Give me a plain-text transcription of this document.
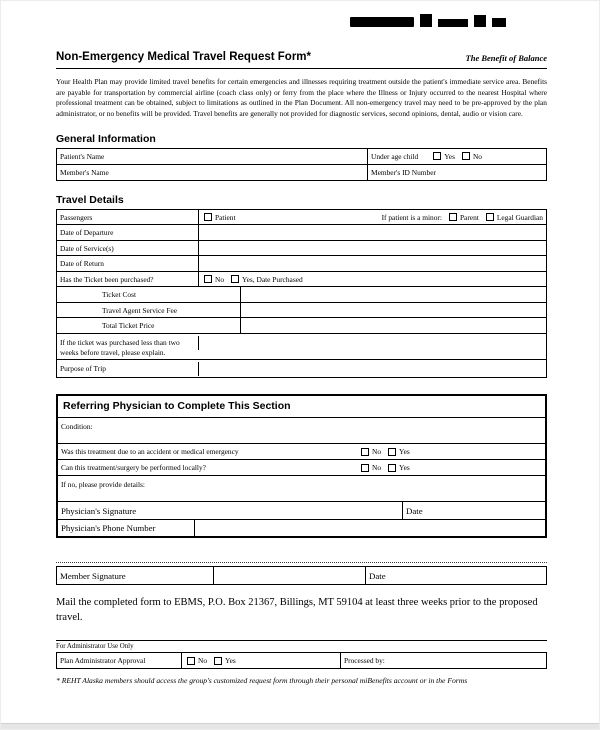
Non-Emergency Medical Travel Request Form*	The Benefit of Balance

Your Health Plan may provide limited travel benefits for certain emergencies and illnesses requiring treatment outside the patient's immediate service area. Benefits are payable for transportation by commercial airline (coach class only) or ferry from the place where the Illness or Injury occurred to the nearest Hospital where professional treatment can be obtained, subject to limitations as outlined in the Plan Document. All non-emergency travel may need to be pre-approved by the plan administrator, or no benefits will be provided. Travel benefits are generally not provided for diagnostic services, second opinions, dental, audio or vision care.

General Information
Patient's Name	Under age child	Yes No
Member's Name	Member's ID Number
Travel Details
Passengers	Patient	If patient is a minor: Parent Legal Guardian
Date of Departure
Date of Service(s)
Date of Return
Has the Ticket been purchased?	No Yes, Date Purchased
Ticket Cost
Travel Agent Service Fee
Total Ticket Price
If the ticket was purchased less than two weeks before travel, please explain.
Purpose of Trip
Referring Physician to Complete This Section
Condition:
Was this treatment due to an accident or medical emergency	No Yes
Can this treatment/surgery be performed locally?	No Yes
If no, please provide details:
Physician's Signature	Date
Physician's Phone Number
Member Signature	Date

Mail the completed form to EBMS, P.O. Box 21367, Billings, MT 59104 at least three weeks prior to the proposed travel.

For Administrator Use Only
Plan Administrator Approval	No Yes	Processed by:
* REHT Alaska members should access the group's customized request form through their personal miBenefits account or in the Forms
